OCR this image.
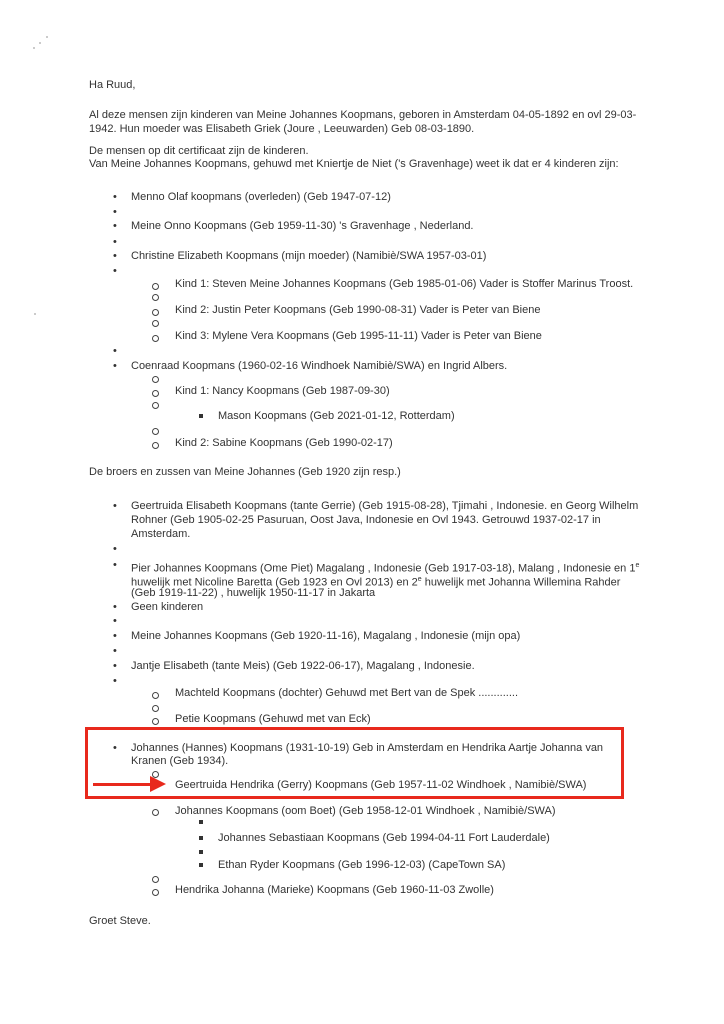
Ha Ruud,
Al deze mensen zijn kinderen van Meine Johannes Koopmans, geboren in Amsterdam 04-05-1892 en ovl 29-03-
1942. Hun moeder was Elisabeth Griek (Joure , Leeuwarden) Geb 08-03-1890.
De mensen op dit certificaat zijn de kinderen.
Van Meine Johannes Koopmans, gehuwd met Kniertje de Niet ('s Gravenhage) weet ik dat er 4 kinderen zijn:
• Menno Olaf koopmans (overleden) (Geb 1947-07-12)
•
• Meine Onno Koopmans (Geb 1959-11-30) 's Gravenhage , Nederland.
•
• Christine Elizabeth Koopmans (mijn moeder) (Namibiè/SWA 1957-03-01)
•
Kind 1: Steven Meine Johannes Koopmans (Geb 1985-01-06) Vader is Stoffer Marinus Troost.
Kind 2: Justin Peter Koopmans (Geb 1990-08-31) Vader is Peter van Biene
Kind 3: Mylene Vera Koopmans (Geb 1995-11-11) Vader is Peter van Biene
•
• Coenraad Koopmans (1960-02-16 Windhoek Namibiè/SWA) en Ingrid Albers.
Kind 1: Nancy Koopmans (Geb 1987-09-30)
Mason Koopmans (Geb 2021-01-12, Rotterdam)
Kind 2: Sabine Koopmans (Geb 1990-02-17)
De broers en zussen van Meine Johannes (Geb 1920 zijn resp.)
• Geertruida Elisabeth Koopmans (tante Gerrie) (Geb 1915-08-28), Tjimahi , Indonesie. en Georg Wilhelm
Rohner (Geb 1905-02-25 Pasuruan, Oost Java, Indonesie en Ovl 1943. Getrouwd 1937-02-17 in
Amsterdam.
•
• Pier Johannes Koopmans (Ome Piet) Magalang , Indonesie (Geb 1917-03-18), Malang , Indonesie en 1e
huwelijk met Nicoline Baretta (Geb 1923 en Ovl 2013) en 2e huwelijk met Johanna Willemina Rahder
(Geb 1919-11-22) , huwelijk 1950-11-17 in Jakarta
• Geen kinderen
•
• Meine Johannes Koopmans (Geb 1920-11-16), Magalang , Indonesie (mijn opa)
•
• Jantje Elisabeth (tante Meis) (Geb 1922-06-17), Magalang , Indonesie.
•
Machteld Koopmans (dochter) Gehuwd met Bert van de Spek .............
Petie Koopmans (Gehuwd met van Eck)
• Johannes (Hannes) Koopmans (1931-10-19) Geb in Amsterdam en Hendrika Aartje Johanna van
Kranen (Geb 1934).
Geertruida Hendrika (Gerry) Koopmans (Geb 1957-11-02 Windhoek , Namibiè/SWA)
Johannes Koopmans (oom Boet) (Geb 1958-12-01 Windhoek , Namibiè/SWA)
Johannes Sebastiaan Koopmans (Geb 1994-04-11 Fort Lauderdale)
Ethan Ryder Koopmans (Geb 1996-12-03) (CapeTown SA)
Hendrika Johanna (Marieke) Koopmans (Geb 1960-11-03 Zwolle)
Groet Steve.
